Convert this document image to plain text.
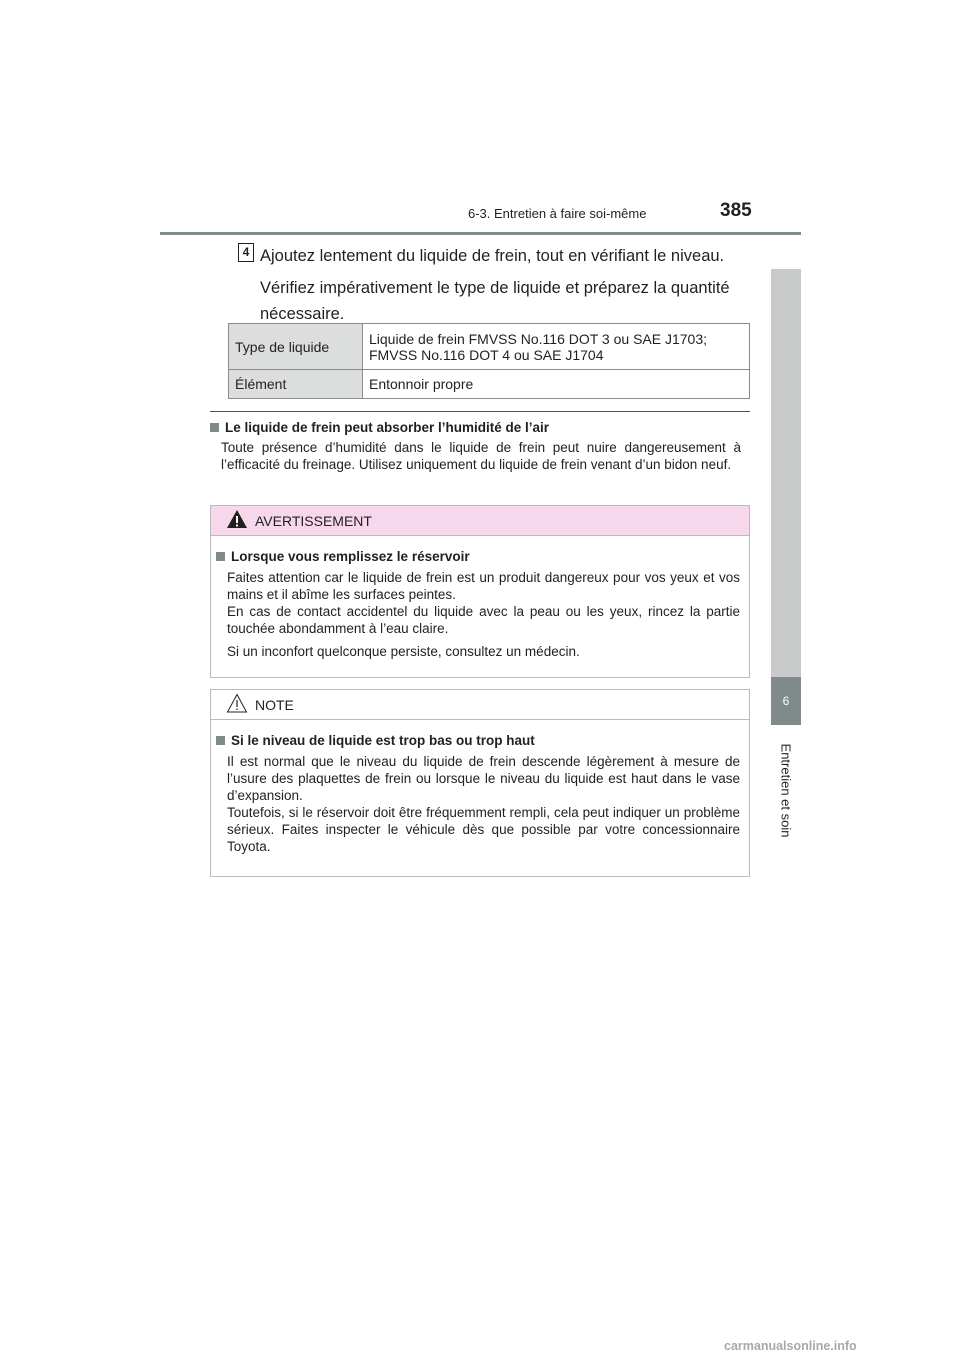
6-3. Entretien à faire soi-même	385
6
Entretien et soin
4 Ajoutez lentement du liquide de frein, tout en vérifiant le niveau.

Vérifiez impérativement le type de liquide et préparez la quantité nécessaire.

Type de liquide	Liquide de frein FMVSS No.116 DOT 3 ou SAE J1703;
FMVSS No.116 DOT 4 ou SAE J1704

Élément	Entonnoir propre
Le liquide de frein peut absorber l’humidité de l’air
Toute présence d’humidité dans le liquide de frein peut nuire dangereusement à l’efficacité du freinage. Utilisez uniquement du liquide de frein venant d’un bidon neuf.
AVERTISSEMENT
Lorsque vous remplissez le réservoir

Faites attention car le liquide de frein est un produit dangereux pour vos yeux et vos mains et il abîme les surfaces peintes.

En cas de contact accidentel du liquide avec la peau ou les yeux, rincez la partie touchée abondamment à l’eau claire.

Si un inconfort quelconque persiste, consultez un médecin.

NOTE
Si le niveau de liquide est trop bas ou trop haut

Il est normal que le niveau du liquide de frein descende légèrement à mesure de l’usure des plaquettes de frein ou lorsque le niveau du liquide est haut dans le vase d’expansion.

Toutefois, si le réservoir doit être fréquemment rempli, cela peut indiquer un problème sérieux. Faites inspecter le véhicule dès que possible par votre concessionnaire Toyota.

carmanualsonline.info
